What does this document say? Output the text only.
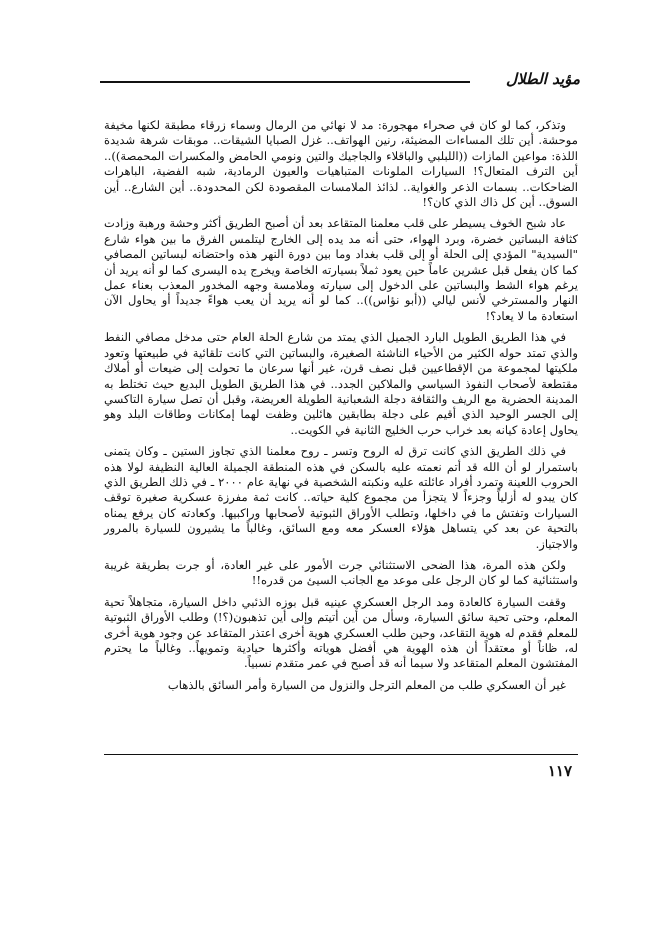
مؤيد الطلال

وتذكر، كما لو كان في صحراء مهجورة: مد لا نهائي من الرمال وسماء زرقاء مطبقة لكنها مخيفة موحشة. أين تلك المساءات المضيئة، رنين الهواتف.. غزل الصبايا الشيقات.. موبقات شرهة شديدة اللذة: مواعين المازات ((اللبلبي والباقلاء والجاجيك والتين ونومي الحامض والمكسرات المحمصة)).. أين الترف المتعال؟! السيارات الملونات المتباهيات والعيون الرمادية، شبه الفضية، الباهرات الضاحكات.. بسمات الذعر والغواية.. لذائذ الملامسات المقصودة لكن المحدودة.. أين الشارع.. أين السوق.. أين كل ذاك الذي كان؟!

عاد شبح الخوف يسيطر على قلب معلمنا المتقاعد بعد أن أصبح الطريق أكثر وحشة ورهبة وزادت كثافة البساتين خضرة، وبرد الهواء، حتى أنه مد يده إلى الخارج ليتلمس الفرق ما بين هواء شارع "السيدية" المؤدي إلى الحلة أو إلى قلب بغداد وما بين دورة النهر هذه واحتضانه لبساتين المصافي كما كان يفعل قبل عشرين عاماً حين يعود ثملاً بسيارته الخاصة ويخرج يده اليسرى كما لو أنه يريد أن يرغم هواء الشط والبساتين على الدخول إلى سيارته وملامسة وجهه المخدور المعذب بعناء عمل النهار والمسترخي لأنس ليالي ((أبو نؤاس)).. كما لو أنه يريد أن يعب هواءً جديداً أو يحاول الآن استعادة ما لا يعاد؟!

في هذا الطريق الطويل البارد الجميل الذي يمتد من شارع الحلة العام حتى مدخل مصافي النفط والذي تمتد حوله الكثير من الأحياء الناشئة الصغيرة، والبساتين التي كانت تلقائية في طبيعتها وتعود ملكيتها لمجموعة من الإقطاعيين قبل نصف قرن، غير أنها سرعان ما تحولت إلى ضيعات أو أملاك مقتطعة لأصحاب النفوذ السياسي والملاكين الجدد.. في هذا الطريق الطويل البديع حيث تختلط به المدينة الحضرية مع الريف والثقافة دجلة الشعبانية الطويلة العريضة، وقبل أن تصل سيارة التاكسي إلى الجسر الوحيد الذي أقيم على دجلة بطابقين هائلين وظفت لهما إمكانات وطاقات البلد وهو يحاول إعادة كيانه بعد خراب حرب الخليج الثانية في الكويت..

في ذلك الطريق الذي كانت ترق له الروح وتسر ـ روح معلمنا الذي تجاوز الستين ـ وكان يتمنى باستمرار لو أن الله قد أتم نعمته عليه بالسكن في هذه المنطقة الجميلة العالية النظيفة لولا هذه الحروب اللعينة وتمرد أفراد عائلته عليه ونكبته الشخصية في نهاية عام ٢٠٠٠ ـ في ذلك الطريق الذي كان يبدو له أزلياً وجزءاً لا يتجزأ من مجموع كلية حياته.. كانت ثمة مفرزة عسكرية صغيرة توقف السيارات وتفتش ما في داخلها، وتطلب الأوراق الثبوتية لأصحابها وراكبيها. وكعادته كان يرفع يمناه بالتحية عن بعد كي يتساهل هؤلاء العسكر معه ومع السائق، وغالباً ما يشيرون للسيارة بالمرور والاجتياز.

ولكن هذه المرة، هذا الضحى الاستثنائي جرت الأمور على غير العادة، أو جرت بطريقة غريبة واستثنائية كما لو كان الرجل على موعد مع الجانب السيئ من قدره!!

وقفت السيارة كالعادة ومد الرجل العسكري عينيه قبل بوزه الذئبي داخل السيارة، متجاهلاً تحية المعلم، وحتى تحية سائق السيارة، وسأل من أين أتيتم وإلى أين تذهبون(؟!) وطلب الأوراق الثبوتية للمعلم فقدم له هوية التقاعد، وحين طلب العسكري هوية أخرى اعتذر المتقاعد عن وجود هوية أخرى له، ظاناً أو معتقداً أن هذه الهوية هي أفضل هوياته وأكثرها حيادية وتمويهاً.. وغالباً ما يحترم المفتشون المعلم المتقاعد ولا سيما أنه قد أصبح في عمر متقدم نسبياً.

غير أن العسكري طلب من المعلم الترجل والنزول من السيارة وأمر السائق بالذهاب

١١٧
